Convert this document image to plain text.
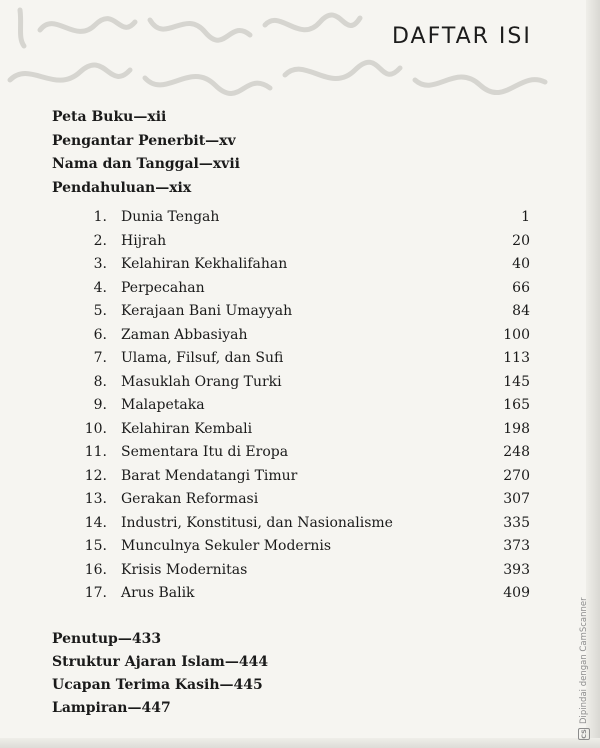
DAFTAR ISI
Peta Buku—xii
Pengantar Penerbit—xv
Nama dan Tanggal—xvii
Pendahuluan—xix
1. Dunia Tengah	1
2. Hijrah	20
3. Kelahiran Kekhalifahan	40
4. Perpecahan	66
5. Kerajaan Bani Umayyah	84
6. Zaman Abbasiyah	100
7. Ulama, Filsuf, dan Sufi	113
8. Masuklah Orang Turki	145
9. Malapetaka	165
10. Kelahiran Kembali	198
11. Sementara Itu di Eropa	248
12. Barat Mendatangi Timur	270
13. Gerakan Reformasi	307
14. Industri, Konstitusi, dan Nasionalisme	335
15. Munculnya Sekuler Modernis	373
16. Krisis Modernitas	393
17. Arus Balik	409
Penutup—433
Struktur Ajaran Islam—444
Ucapan Terima Kasih—445
Lampiran—447
CS
Dipindai dengan CamScanner
